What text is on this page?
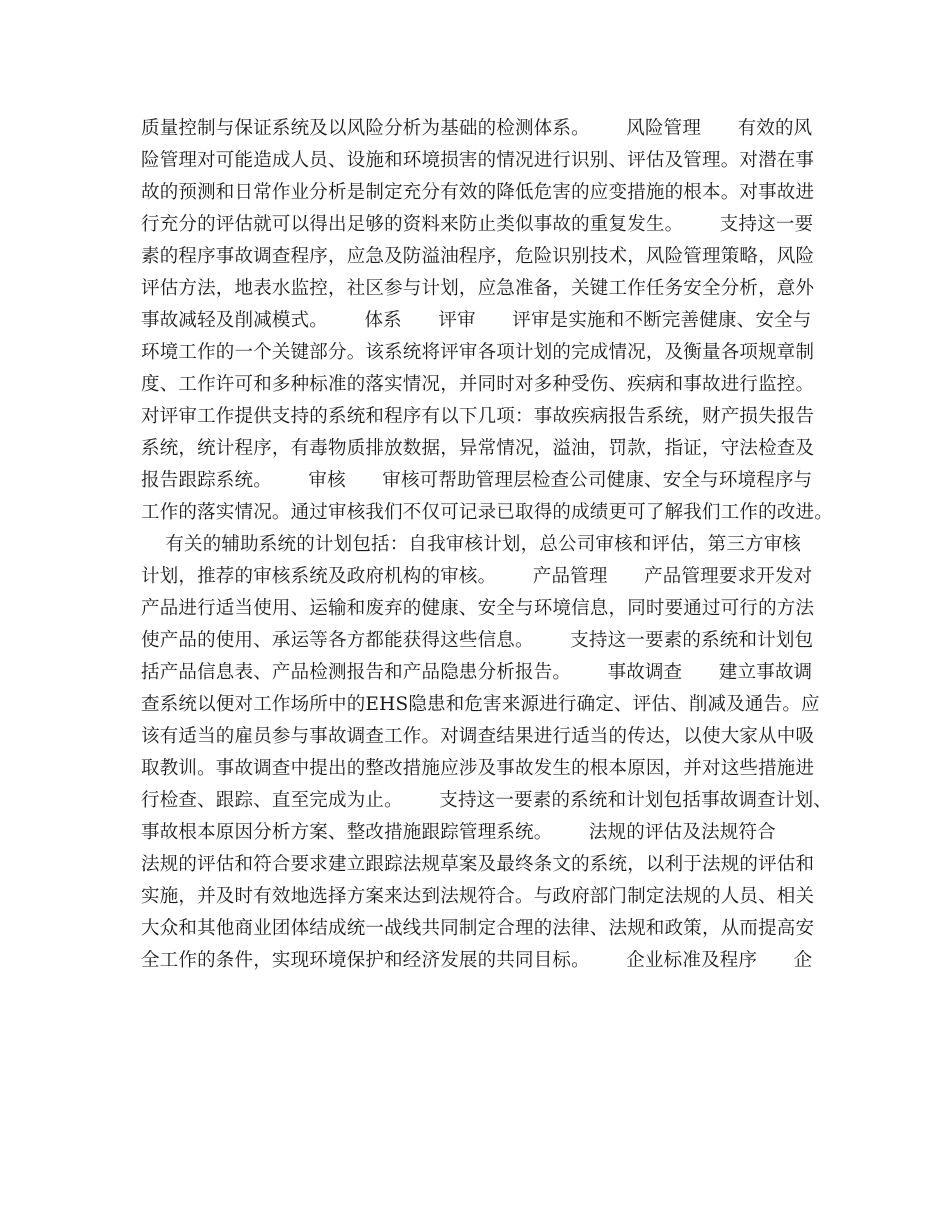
质量控制与保证系统及以风险分析为基础的检测体系。      风险管理      有效的风
险管理对可能造成人员、设施和环境损害的情况进行识别、评估及管理。对潜在事
故的预测和日常作业分析是制定充分有效的降低危害的应变措施的根本。对事故进
行充分的评估就可以得出足够的资料来防止类似事故的重复发生。      支持这一要
素的程序事故调查程序，应急及防溢油程序，危险识别技术，风险管理策略，风险
评估方法，地表水监控，社区参与计划，应急准备，关键工作任务安全分析，意外
事故减轻及削减模式。      体系      评审      评审是实施和不断完善健康、安全与
环境工作的一个关键部分。该系统将评审各项计划的完成情况，及衡量各项规章制
度、工作许可和多种标准的落实情况，并同时对多种受伤、疾病和事故进行监控。
对评审工作提供支持的系统和程序有以下几项：事故疾病报告系统，财产损失报告
系统，统计程序，有毒物质排放数据，异常情况，溢油，罚款，指证，守法检查及
报告跟踪系统。      审核      审核可帮助管理层检查公司健康、安全与环境程序与
工作的落实情况。通过审核我们不仅可记录已取得的成绩更可了解我们工作的改进。
有关的辅助系统的计划包括：自我审核计划，总公司审核和评估，第三方审核
计划，推荐的审核系统及政府机构的审核。      产品管理      产品管理要求开发对
产品进行适当使用、运输和废弃的健康、安全与环境信息，同时要通过可行的方法
使产品的使用、承运等各方都能获得这些信息。      支持这一要素的系统和计划包
括产品信息表、产品检测报告和产品隐患分析报告。      事故调查      建立事故调
查系统以便对工作场所中的EHS隐患和危害来源进行确定、评估、削减及通告。应
该有适当的雇员参与事故调查工作。对调查结果进行适当的传达，以使大家从中吸
取教训。事故调查中提出的整改措施应涉及事故发生的根本原因，并对这些措施进
行检查、跟踪、直至完成为止。      支持这一要素的系统和计划包括事故调查计划、
事故根本原因分析方案、整改措施跟踪管理系统。      法规的评估及法规符合
法规的评估和符合要求建立跟踪法规草案及最终条文的系统，以利于法规的评估和
实施，并及时有效地选择方案来达到法规符合。与政府部门制定法规的人员、相关
大众和其他商业团体结成统一战线共同制定合理的法律、法规和政策，从而提高安
全工作的条件，实现环境保护和经济发展的共同目标。      企业标准及程序      企
